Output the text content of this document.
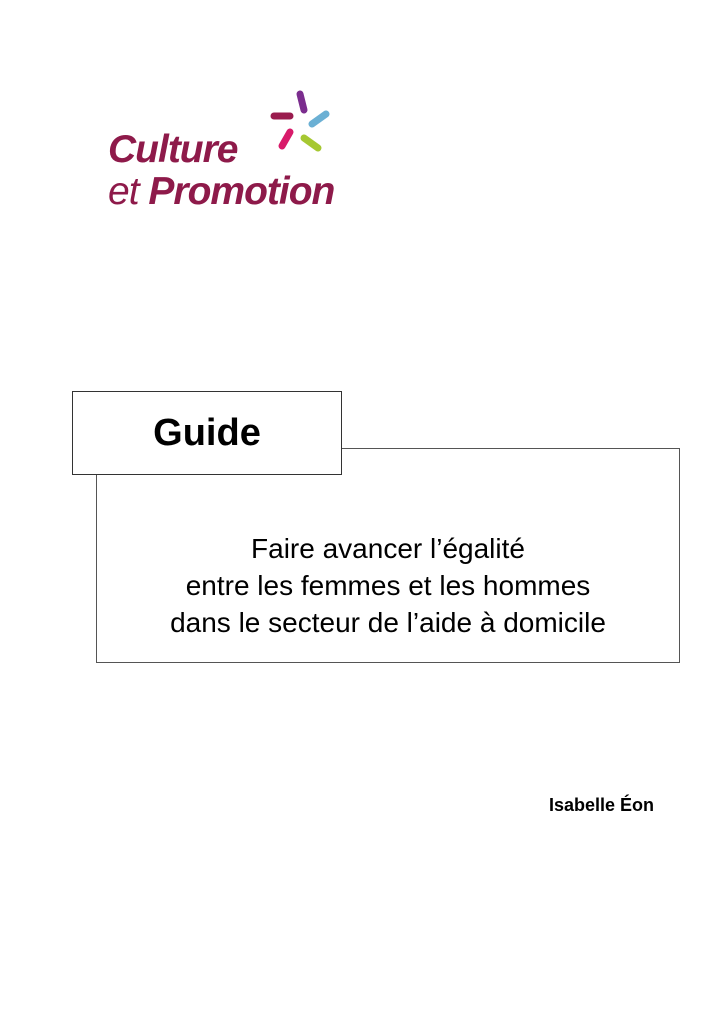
Culture
et Promotion
Guide
Faire avancer l’égalité
entre les femmes et les hommes
dans le secteur de l’aide à domicile
Isabelle Éon
